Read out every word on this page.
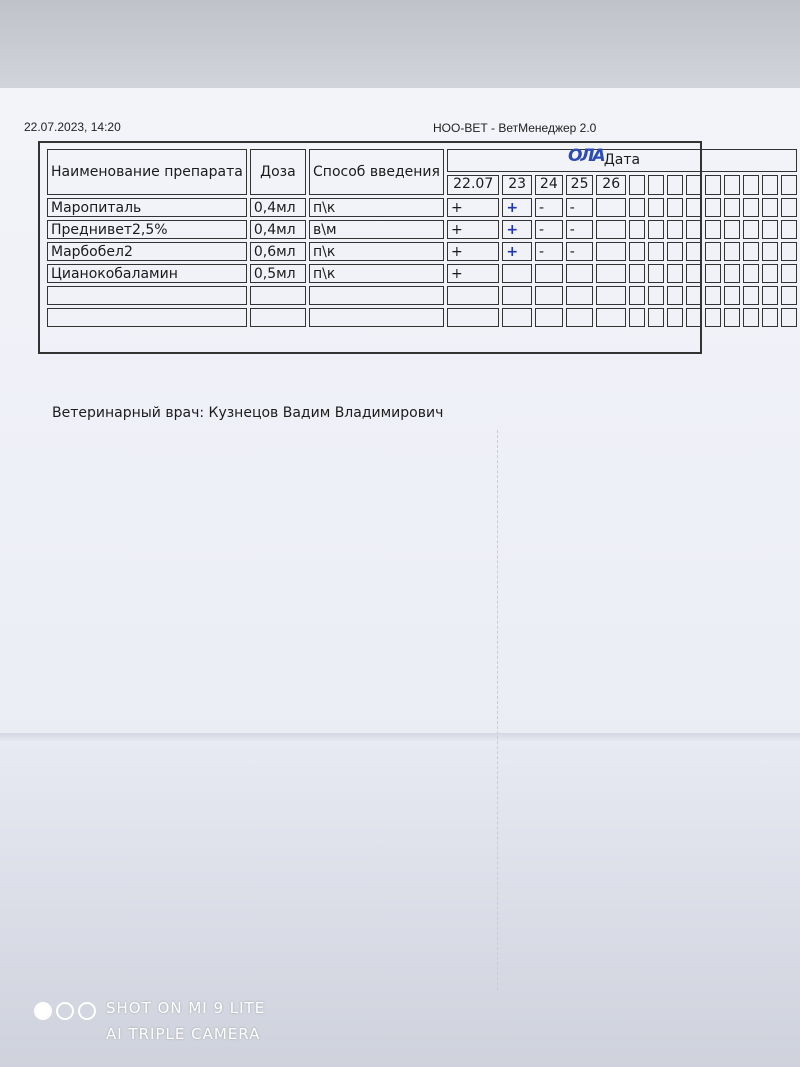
22.07.2023, 14:20	НОО-ВЕТ - ВетМенеджер 2.0
Наименование препарата	Доза	Способ введения	ОЛА Дата													
			22.07	23	24	25	26									
Маропиталь	0,4мл	п\к	+	+	-	-										
Преднивет2,5%	0,4мл	в\м	+	+	-	-										
Марбобел2	0,6мл	п\к	+	+	-	-										
Цианокобаламин	0,5мл	п\к	+													

Ветеринарный врач: Кузнецов Вадим Владимирович
SHOT ON MI 9 LITE
AI TRIPLE CAMERA
